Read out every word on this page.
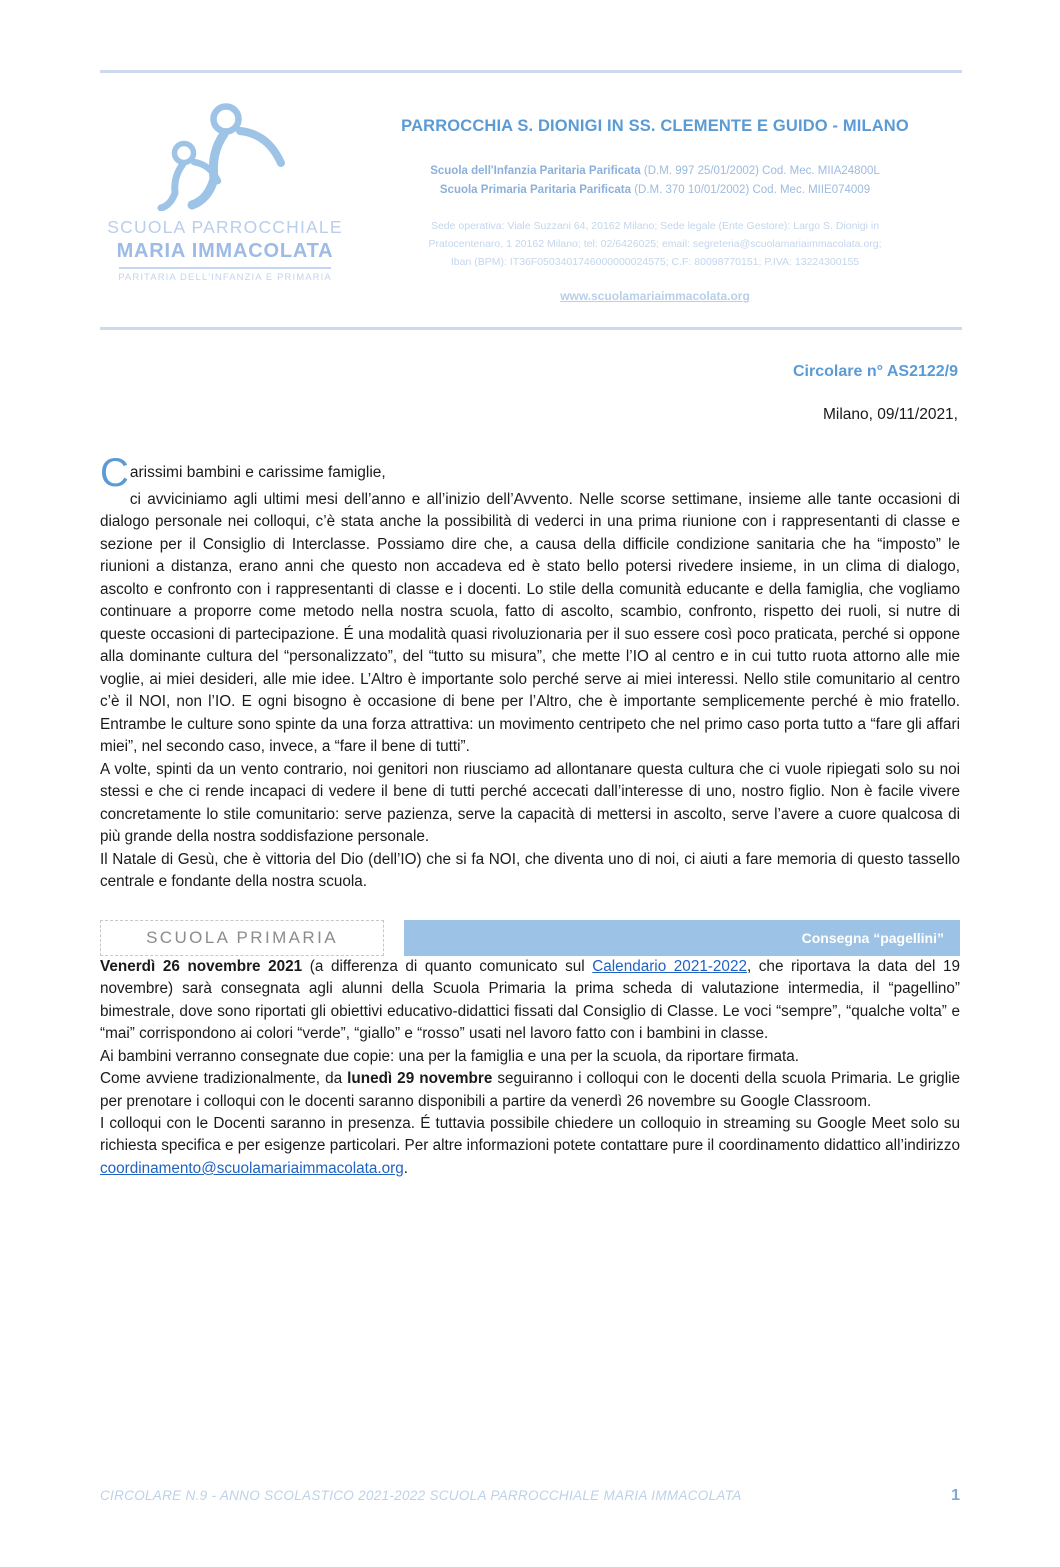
SCUOLA PARROCCHIALE
MARIA IMMACOLATA
PARITARIA DELL'INFANZIA E PRIMARIA
PARROCCHIA S. DIONIGI IN SS. CLEMENTE E GUIDO - MILANO
Scuola dell'Infanzia Paritaria Parificata (D.M. 997 25/01/2002) Cod. Mec. MIIA24800L
Scuola Primaria Paritaria Parificata (D.M. 370 10/01/2002) Cod. Mec. MIIE074009
Sede operativa: Viale Suzzani 64, 20162 Milano; Sede legale (Ente Gestore): Largo S. Dionigi in
Pratocentenaro, 1 20162 Milano; tel: 02/6426025; email: segreteria@scuolamariaimmacolata.org;
Iban (BPM): IT36F0503401746000000024575; C.F: 80098770151; P.IVA: 13224300155
www.scuolamariaimmacolata.org
Circolare n° AS2122/9
Milano, 09/11/2021,
Carissimi bambini e carissime famiglie,

ci avviciniamo agli ultimi mesi dell’anno e all’inizio dell’Avvento. Nelle scorse settimane, insieme alle tante occasioni di dialogo personale nei colloqui, c’è stata anche la possibilità di vederci in una prima riunione con i rappresentanti di classe e sezione per il Consiglio di Interclasse. Possiamo dire che, a causa della difficile condizione sanitaria che ha “imposto” le riunioni a distanza, erano anni che questo non accadeva ed è stato bello potersi rivedere insieme, in un clima di dialogo, ascolto e confronto con i rappresentanti di classe e i docenti. Lo stile della comunità educante e della famiglia, che vogliamo continuare a proporre come metodo nella nostra scuola, fatto di ascolto, scambio, confronto, rispetto dei ruoli, si nutre di queste occasioni di partecipazione. É una modalità quasi rivoluzionaria per il suo essere così poco praticata, perché si oppone alla dominante cultura del “personalizzato”, del “tutto su misura”, che mette l’IO al centro e in cui tutto ruota attorno alle mie voglie, ai miei desideri, alle mie idee. L’Altro è importante solo perché serve ai miei interessi. Nello stile comunitario al centro c’è il NOI, non l’IO. E ogni bisogno è occasione di bene per l’Altro, che è importante semplicemente perché è mio fratello. Entrambe le culture sono spinte da una forza attrattiva: un movimento centripeto che nel primo caso porta tutto a “fare gli affari miei”, nel secondo caso, invece, a “fare il bene di tutti”.

A volte, spinti da un vento contrario, noi genitori non riusciamo ad allontanare questa cultura che ci vuole ripiegati solo su noi stessi e che ci rende incapaci di vedere il bene di tutti perché accecati dall’interesse di uno, nostro figlio. Non è facile vivere concretamente lo stile comunitario: serve pazienza, serve la capacità di mettersi in ascolto, serve l’avere a cuore qualcosa di più grande della nostra soddisfazione personale.

Il Natale di Gesù, che è vittoria del Dio (dell’IO) che si fa NOI, che diventa uno di noi, ci aiuti a fare memoria di questo tassello centrale e fondante della nostra scuola.

SCUOLA PRIMARIA	Consegna “pagellini”

Venerdì 26 novembre 2021 (a differenza di quanto comunicato sul Calendario 2021-2022, che riportava la data del 19 novembre) sarà consegnata agli alunni della Scuola Primaria la prima scheda di valutazione intermedia, il “pagellino” bimestrale, dove sono riportati gli obiettivi educativo-didattici fissati dal Consiglio di Classe. Le voci “sempre”, “qualche volta” e “mai” corrispondono ai colori “verde”, “giallo” e “rosso” usati nel lavoro fatto con i bambini in classe.

Ai bambini verranno consegnate due copie: una per la famiglia e una per la scuola, da riportare firmata.

Come avviene tradizionalmente, da lunedì 29 novembre seguiranno i colloqui con le docenti della scuola Primaria. Le griglie per prenotare i colloqui con le docenti saranno disponibili a partire da venerdì 26 novembre su Google Classroom.

I colloqui con le Docenti saranno in presenza. É tuttavia possibile chiedere un colloquio in streaming su Google Meet solo su richiesta specifica e per esigenze particolari. Per altre informazioni potete contattare pure il coordinamento didattico all’indirizzo coordinamento@scuolamariaimmacolata.org.

CIRCOLARE N.9 - ANNO SCOLASTICO 2021-2022 SCUOLA PARROCCHIALE MARIA IMMACOLATA	1
